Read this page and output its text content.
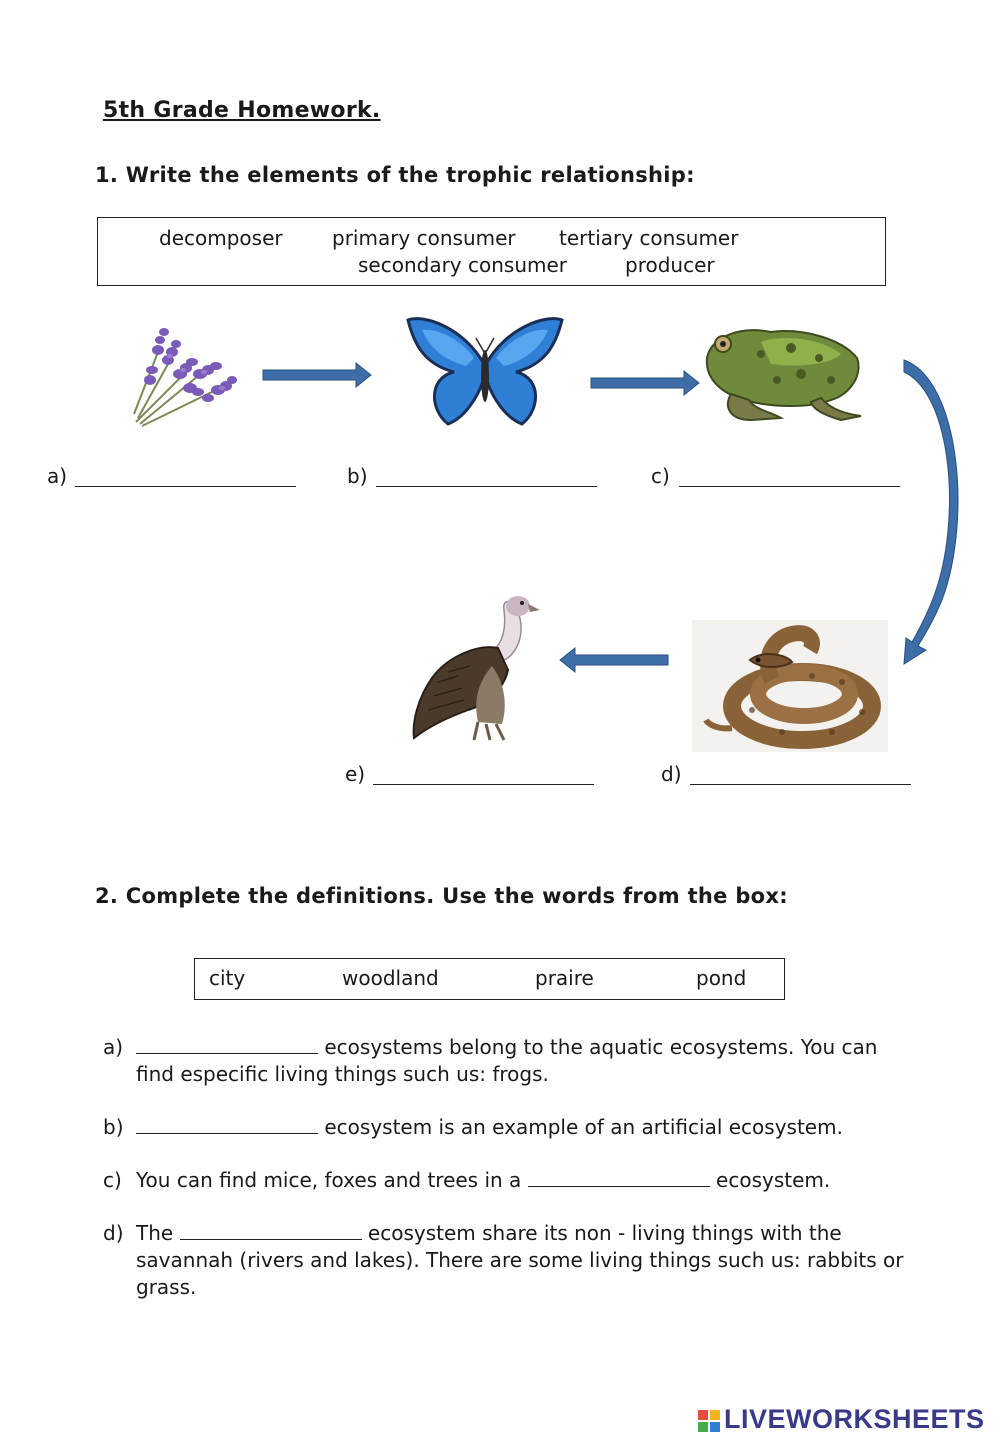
5th Grade Homework.
1. Write the elements of the trophic relationship:
decomposer primary consumer tertiary consumer
secondary consumer	producer
a)	b)	c)
d)
e)
2. Complete the definitions. Use the words from the box:
city	woodland	praire	pond
a)	ecosystems belong to the aquatic ecosystems. You can find especific living things such us: frogs.
b)	ecosystem is an example of an artificial ecosystem.
c) You can find mice, foxes and trees in a	ecosystem.
d) The	ecosystem share its non - living things with the savannah (rivers and lakes). There are some living things such us: rabbits or grass.
LIVEWORKSHEETS
